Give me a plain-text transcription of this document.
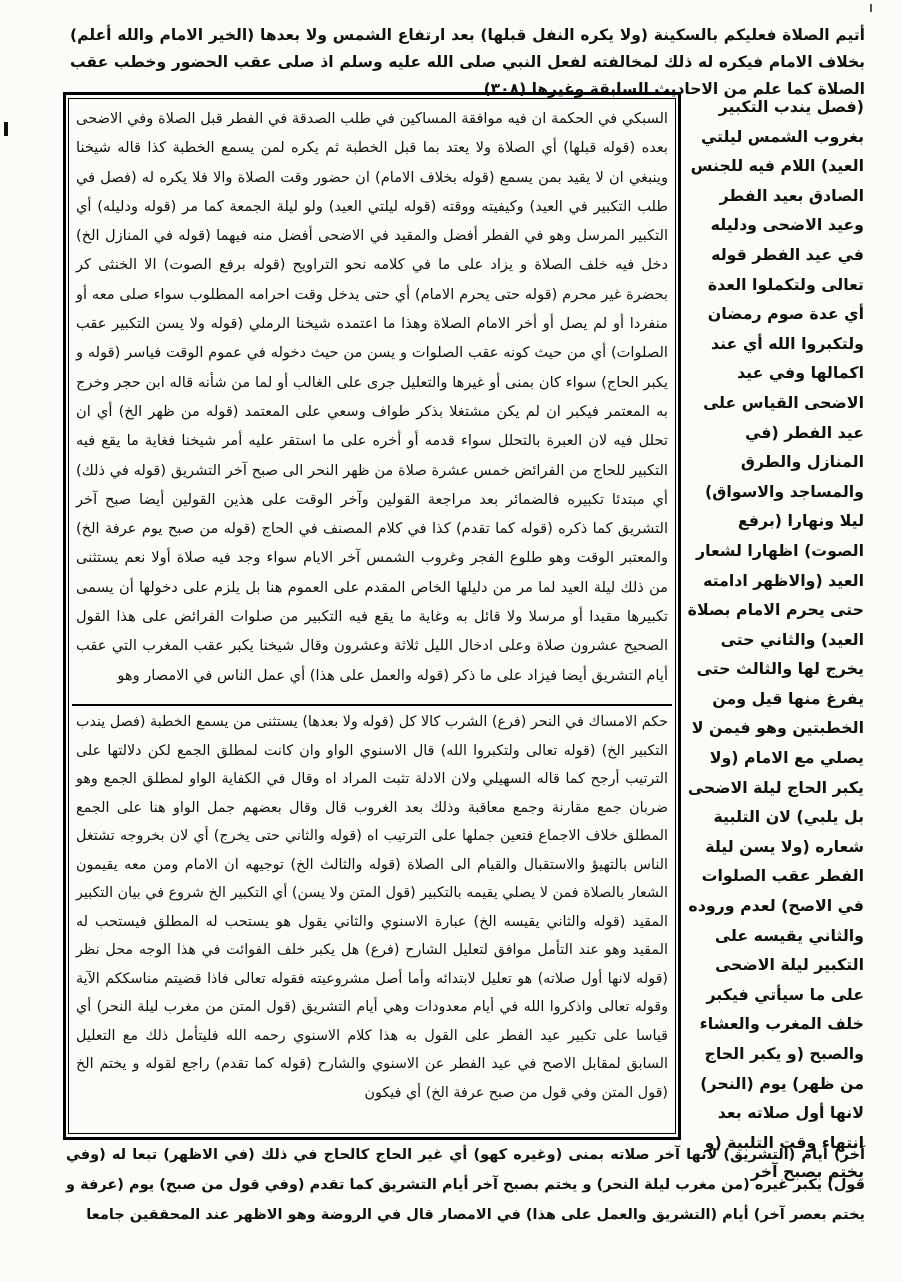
أتيم الصلاة فعليكم بالسكينة (ولا يكره النفل قبلها) بعد ارتفاع الشمس ولا بعدها (الخير الامام والله أعلم) بخلاف الامام فيكره له ذلك لمخالفته لفعل النبي صلى الله عليه وسلم اذ صلى عقب الحضور وخطب عقب الصلاة كما علم من الاحاديث السابقة وغيرها (٣٠٨)

السبكي في الحكمة ان فيه موافقة المساكين في طلب الصدقة في الفطر قبل الصلاة وفي الاضحى بعده (قوله قبلها) أي الصلاة ولا يعتد بما قبل الخطبة ثم يكره لمن يسمع الخطبة كذا قاله شيخنا وينبغي ان لا يقيد بمن يسمع (قوله بخلاف الامام) ان حضور وقت الصلاة والا فلا يكره له (فصل في طلب التكبير في العيد) وكيفيته ووقته (قوله ليلتي العيد) ولو ليلة الجمعة كما مر (قوله ودليله) أي التكبير المرسل وهو في الفطر أفضل والمقيد في الاضحى أفضل منه فيهما (قوله في المنازل الخ) دخل فيه خلف الصلاة و يزاد على ما في كلامه نحو التراويح (قوله برفع الصوت) الا الخنثى كر بحضرة غير محرم (قوله حتى يحرم الامام) أي حتى يدخل وقت احرامه المطلوب سواء صلى معه أو منفردا أو لم يصل أو أخر الامام الصلاة وهذا ما اعتمده شيخنا الرملي (قوله ولا يسن التكبير عقب الصلوات) أي من حيث كونه عقب الصلوات و يسن من حيث دخوله في عموم الوقت فياسر (قوله و يكبر الحاج) سواء كان بمنى أو غيرها والتعليل جرى على الغالب أو لما من شأنه قاله ابن حجر وخرج به المعتمر فيكبر ان لم يكن مشتغلا بذكر طواف وسعي على المعتمد (قوله من ظهر الخ) أي ان تحلل فيه لان العبرة بالتحلل سواء قدمه أو أخره على ما استقر عليه أمر شيخنا فغاية ما يقع فيه التكبير للحاج من الفرائض خمس عشرة صلاة من ظهر النحر الى صبح آخر التشريق (قوله في ذلك) أي مبتدئا تكبيره فالضمائر بعد مراجعة القولين وآخر الوقت على هذين القولين أيضا صبح آخر التشريق كما ذكره (قوله كما تقدم) كذا في كلام المصنف في الحاج (قوله من صبح يوم عرفة الخ) والمعتبر الوقت وهو طلوع الفجر وغروب الشمس آخر الايام سواء وجد فيه صلاة أولا نعم يستثنى من ذلك ليلة العيد لما مر من دليلها الخاص المقدم على العموم هنا بل يلزم على دخولها أن يسمى تكبيرها مقيدا أو مرسلا ولا قائل به وغاية ما يقع فيه التكبير من صلوات الفرائض على هذا القول الصحيح عشرون صلاة وعلى ادخال الليل ثلاثة وعشرون وقال شيخنا يكبر عقب المغرب التي عقب أيام التشريق أيضا فيزاد على ما ذكر (قوله والعمل على هذا) أي عمل الناس في الامصار وهو

حكم الامساك في النحر (فرع) الشرب كالا كل (قوله ولا بعدها) يستثنى من يسمع الخطبة (فصل يندب التكبير الخ) (قوله تعالى ولتكبروا الله) قال الاسنوي الواو وان كانت لمطلق الجمع لكن دلالتها على الترتيب أرجح كما قاله السهيلي ولان الادلة تثبت المراد اه وقال في الكفاية الواو لمطلق الجمع وهو ضربان جمع مقارنة وجمع معاقبة وذلك بعد الغروب قال وقال بعضهم جمل الواو هنا على الجمع المطلق خلاف الاجماع فتعين جملها على الترتيب اه (قوله والثاني حتى يخرج) أي لان بخروجه تشتغل الناس بالتهيؤ والاستقبال والقيام الى الصلاة (قوله والثالث الخ) توجيهه ان الامام ومن معه يقيمون الشعار بالصلاة فمن لا يصلي يقيمه بالتكبير (قول المتن ولا يسن) أي التكبير الخ شروع في بيان التكبير المقيد (قوله والثاني يقيسه الخ) عبارة الاسنوي والثاني يقول هو يستحب له المطلق فيستحب له المقيد وهو عند التأمل موافق لتعليل الشارح (فرع) هل يكبر خلف الفوائت في هذا الوجه محل نظر (قوله لانها أول صلاته) هو تعليل لابتدائه وأما أصل مشروعيته فقوله تعالى فاذا قضيتم مناسككم الآية وقوله تعالى واذكروا الله في أيام معدودات وهي أيام التشريق (قول المتن من مغرب ليلة النحر) أي قياسا على تكبير عيد الفطر على القول به هذا كلام الاسنوي رحمه الله فليتأمل ذلك مع التعليل السابق لمقابل الاصح في عيد الفطر عن الاسنوي والشارح (قوله كما تقدم) راجع لقوله و يختم الخ (قول المتن وفي قول من صبح عرفة الخ) أي فيكون

(فصل يندب التكبير بغروب الشمس ليلتي العيد) اللام فيه للجنس الصادق بعيد الفطر وعيد الاضحى ودليله في عيد الفطر قوله تعالى ولتكملوا العدة أي عدة صوم رمضان ولتكبروا الله أي عند اكمالها وفي عيد الاضحى القياس على عيد الفطر (في المنازل والطرق والمساجد والاسواق) ليلا ونهارا (برفع الصوت) اظهارا لشعار العيد (والاظهر ادامته حتى يحرم الامام بصلاة العيد) والثاني حتى يخرج لها والثالث حتى يفرغ منها قيل ومن الخطبتين وهو فيمن لا يصلي مع الامام (ولا يكبر الحاج ليلة الاضحى بل يلبي) لان التلبية شعاره (ولا يسن ليلة الفطر عقب الصلوات في الاصح) لعدم وروده والثاني يقيسه على التكبير ليلة الاضحى على ما سيأتي فيكبر خلف المغرب والعشاء والصبح (و يكبر الحاج من ظهر) يوم (النحر) لانها أول صلاته بعد انتهاء وقت التلبية (و يختم بصبح آخر

آخر) أيام (التشريق) لانها آخر صلاته بمنى (وغيره كهو) أي غير الحاج كالحاج في ذلك (في الاظهر) تبعا له (وفي قول) يكبر غيره (من مغرب ليلة النحر) و يختم بصبح آخر أيام التشريق كما تقدم (وفي قول من صبح) يوم (عرفة و يختم بعصر آخر) أيام (التشريق والعمل على هذا) في الامصار قال في الروضة وهو الاظهر عند المحققين جامعا
